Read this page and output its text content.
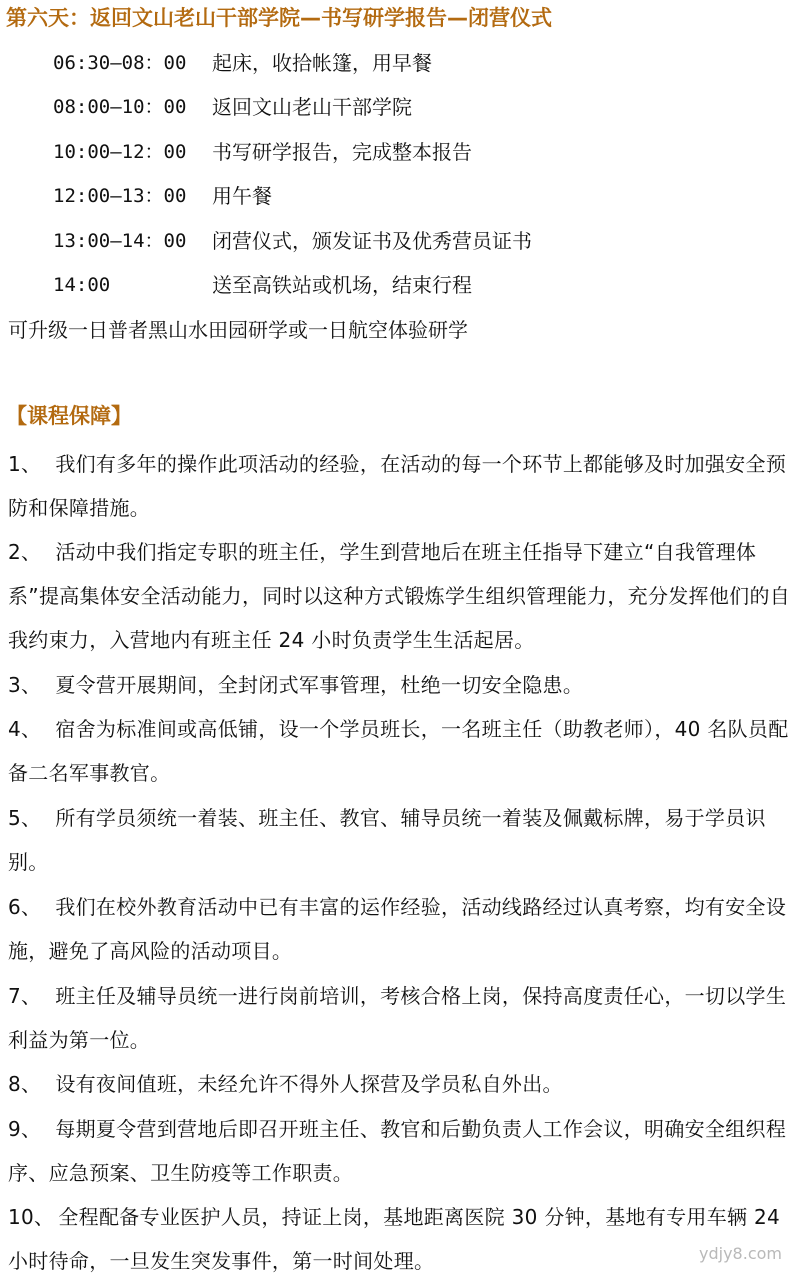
第六天：返回文山老山干部学院—书写研学报告—闭营仪式
06:30—08：00 起床，收拾帐篷，用早餐
08:00—10：00 返回文山老山干部学院
10:00—12：00 书写研学报告，完成整本报告
12:00—13：00 用午餐
13:00—14：00 闭营仪式，颁发证书及优秀营员证书
14:00	送至高铁站或机场，结束行程
可升级一日普者黑山水田园研学或一日航空体验研学
【课程保障】
1、 我们有多年的操作此项活动的经验，在活动的每一个环节上都能够及时加强安全预防和保障措施。
2、 活动中我们指定专职的班主任，学生到营地后在班主任指导下建立“自我管理体系”提高集体安全活动能力，同时以这种方式锻炼学生组织管理能力，充分发挥他们的自我约束力，入营地内有班主任 24 小时负责学生生活起居。
3、 夏令营开展期间，全封闭式军事管理，杜绝一切安全隐患。
4、 宿舍为标准间或高低铺，设一个学员班长，一名班主任（助教老师），40 名队员配备二名军事教官。
5、 所有学员须统一着装、班主任、教官、辅导员统一着装及佩戴标牌，易于学员识别。
6、 我们在校外教育活动中已有丰富的运作经验，活动线路经过认真考察，均有安全设施，避免了高风险的活动项目。
7、 班主任及辅导员统一进行岗前培训，考核合格上岗，保持高度责任心，一切以学生利益为第一位。
8、 设有夜间值班，未经允许不得外人探营及学员私自外出。
9、 每期夏令营到营地后即召开班主任、教官和后勤负责人工作会议，明确安全组织程序、应急预案、卫生防疫等工作职责。
10、 全程配备专业医护人员，持证上岗，基地距离医院 30 分钟，基地有专用车辆 24 小时待命，一旦发生突发事件，第一时间处理。	ydjy8.com
